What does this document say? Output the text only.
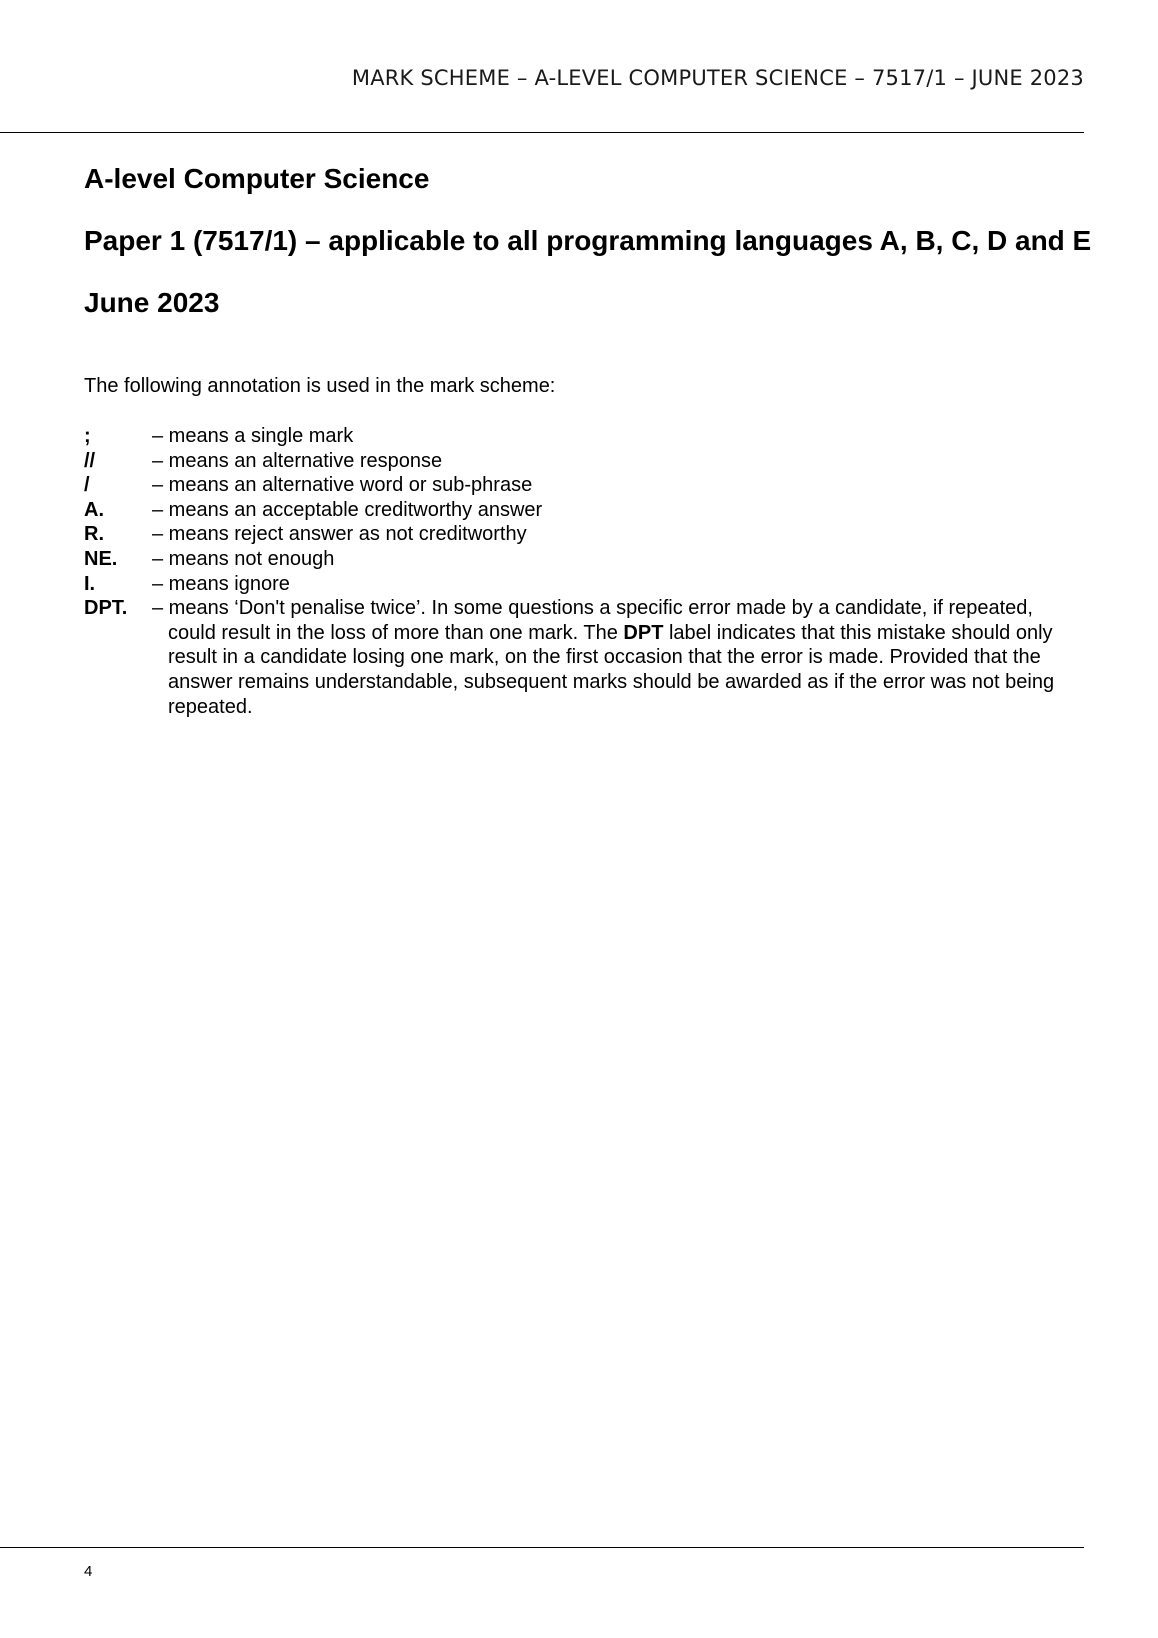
MARK SCHEME – A-LEVEL COMPUTER SCIENCE – 7517/1 – JUNE 2023
A-level Computer Science
Paper 1 (7517/1) – applicable to all programming languages A, B, C, D and E
June 2023
The following annotation is used in the mark scheme:
;	– means a single mark
//	– means an alternative response
/	– means an alternative word or sub-phrase
A.	– means an acceptable creditworthy answer
R.	– means reject answer as not creditworthy
NE.	– means not enough
I.	– means ignore
DPT.	– means ‘Don't penalise twice’. In some questions a specific error made by a candidate, if repeated, could result in the loss of more than one mark. The DPT label indicates that this mistake should only result in a candidate losing one mark, on the first occasion that the error is made. Provided that the answer remains understandable, subsequent marks should be awarded as if the error was not being repeated.
4
